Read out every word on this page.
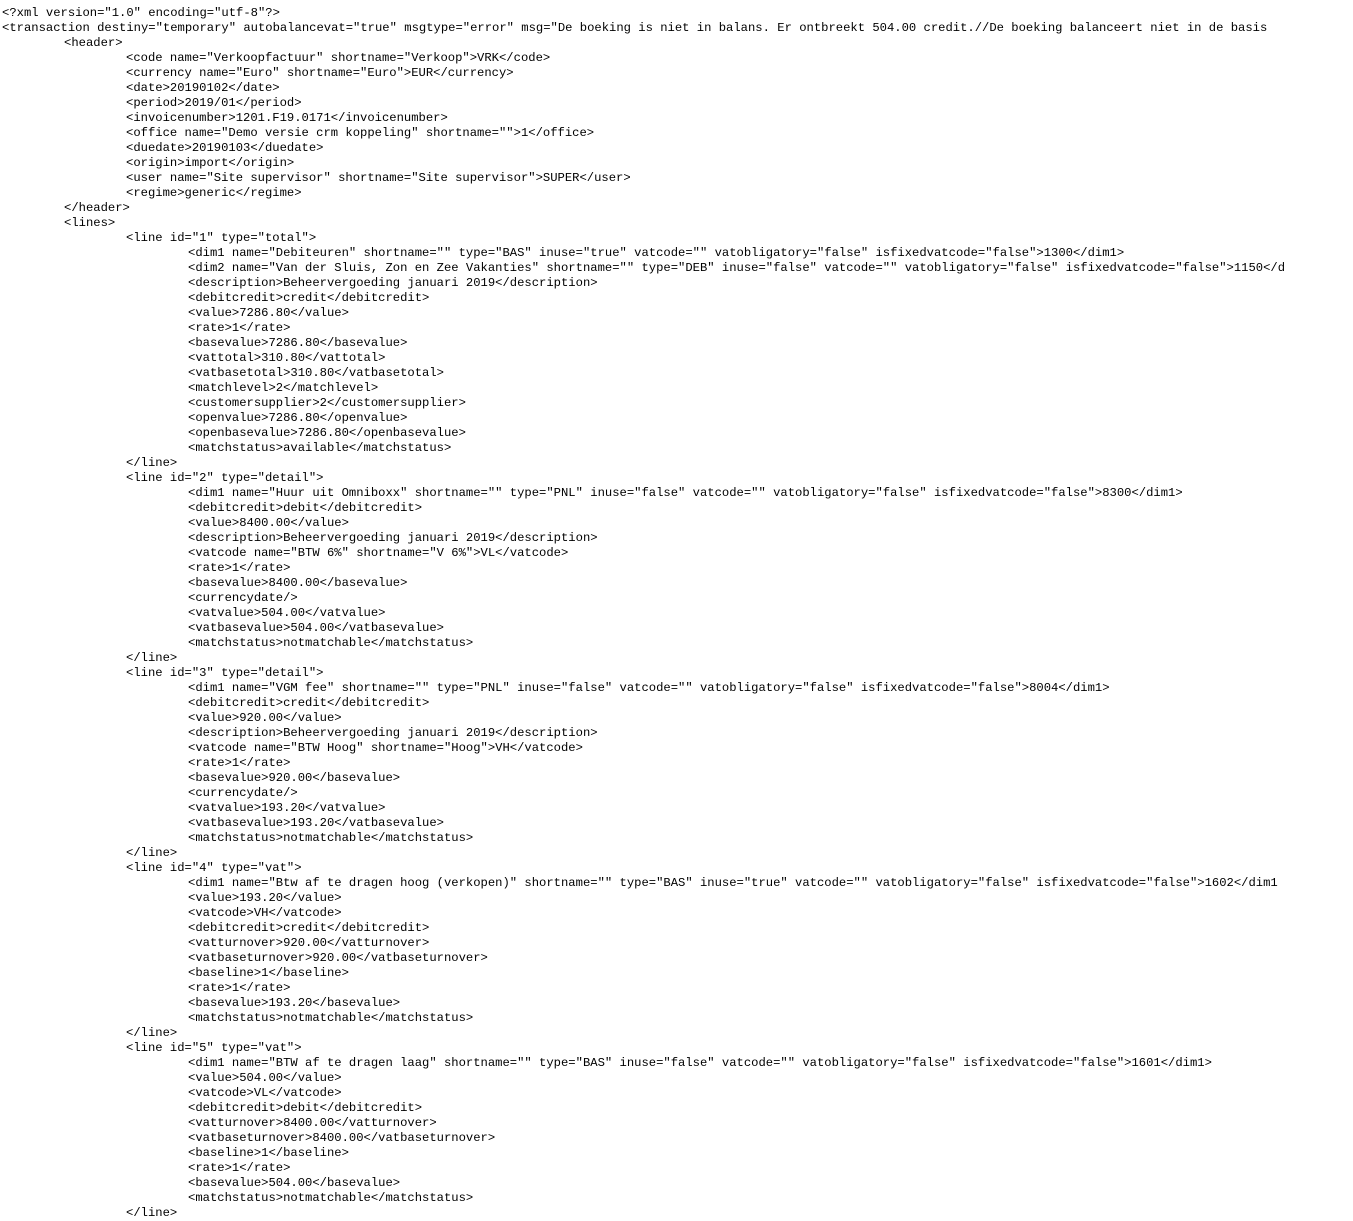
<?xml version="1.0" encoding="utf-8"?>
<transaction destiny="temporary" autobalancevat="true" msgtype="error" msg="De boeking is niet in balans. Er ontbreekt 504.00 credit.//De boeking balanceert niet in de basis
<header>
<code name="Verkoopfactuur" shortname="Verkoop">VRK</code>
<currency name="Euro" shortname="Euro">EUR</currency>
<date>20190102</date>
<period>2019/01</period>
<invoicenumber>1201.F19.0171</invoicenumber>
<office name="Demo versie crm koppeling" shortname="">1</office>
<duedate>20190103</duedate>
<origin>import</origin>
<user name="Site supervisor" shortname="Site supervisor">SUPER</user>
<regime>generic</regime>
</header>
<lines>
<line id="1" type="total">
<dim1 name="Debiteuren" shortname="" type="BAS" inuse="true" vatcode="" vatobligatory="false" isfixedvatcode="false">1300</dim1>
<dim2 name="Van der Sluis, Zon en Zee Vakanties" shortname="" type="DEB" inuse="false" vatcode="" vatobligatory="false" isfixedvatcode="false">1150</d
<description>Beheervergoeding januari 2019</description>
<debitcredit>credit</debitcredit>
<value>7286.80</value>
<rate>1</rate>
<basevalue>7286.80</basevalue>
<vattotal>310.80</vattotal>
<vatbasetotal>310.80</vatbasetotal>
<matchlevel>2</matchlevel>
<customersupplier>2</customersupplier>
<openvalue>7286.80</openvalue>
<openbasevalue>7286.80</openbasevalue>
<matchstatus>available</matchstatus>
</line>
<line id="2" type="detail">
<dim1 name="Huur uit Omniboxx" shortname="" type="PNL" inuse="false" vatcode="" vatobligatory="false" isfixedvatcode="false">8300</dim1>
<debitcredit>debit</debitcredit>
<value>8400.00</value>
<description>Beheervergoeding januari 2019</description>
<vatcode name="BTW 6%" shortname="V 6%">VL</vatcode>
<rate>1</rate>
<basevalue>8400.00</basevalue>
<currencydate/>
<vatvalue>504.00</vatvalue>
<vatbasevalue>504.00</vatbasevalue>
<matchstatus>notmatchable</matchstatus>
</line>
<line id="3" type="detail">
<dim1 name="VGM fee" shortname="" type="PNL" inuse="false" vatcode="" vatobligatory="false" isfixedvatcode="false">8004</dim1>
<debitcredit>credit</debitcredit>
<value>920.00</value>
<description>Beheervergoeding januari 2019</description>
<vatcode name="BTW Hoog" shortname="Hoog">VH</vatcode>
<rate>1</rate>
<basevalue>920.00</basevalue>
<currencydate/>
<vatvalue>193.20</vatvalue>
<vatbasevalue>193.20</vatbasevalue>
<matchstatus>notmatchable</matchstatus>
</line>
<line id="4" type="vat">
<dim1 name="Btw af te dragen hoog (verkopen)" shortname="" type="BAS" inuse="true" vatcode="" vatobligatory="false" isfixedvatcode="false">1602</dim1
<value>193.20</value>
<vatcode>VH</vatcode>
<debitcredit>credit</debitcredit>
<vatturnover>920.00</vatturnover>
<vatbaseturnover>920.00</vatbaseturnover>
<baseline>1</baseline>
<rate>1</rate>
<basevalue>193.20</basevalue>
<matchstatus>notmatchable</matchstatus>
</line>
<line id="5" type="vat">
<dim1 name="BTW af te dragen laag" shortname="" type="BAS" inuse="false" vatcode="" vatobligatory="false" isfixedvatcode="false">1601</dim1>
<value>504.00</value>
<vatcode>VL</vatcode>
<debitcredit>debit</debitcredit>
<vatturnover>8400.00</vatturnover>
<vatbaseturnover>8400.00</vatbaseturnover>
<baseline>1</baseline>
<rate>1</rate>
<basevalue>504.00</basevalue>
<matchstatus>notmatchable</matchstatus>
</line>
